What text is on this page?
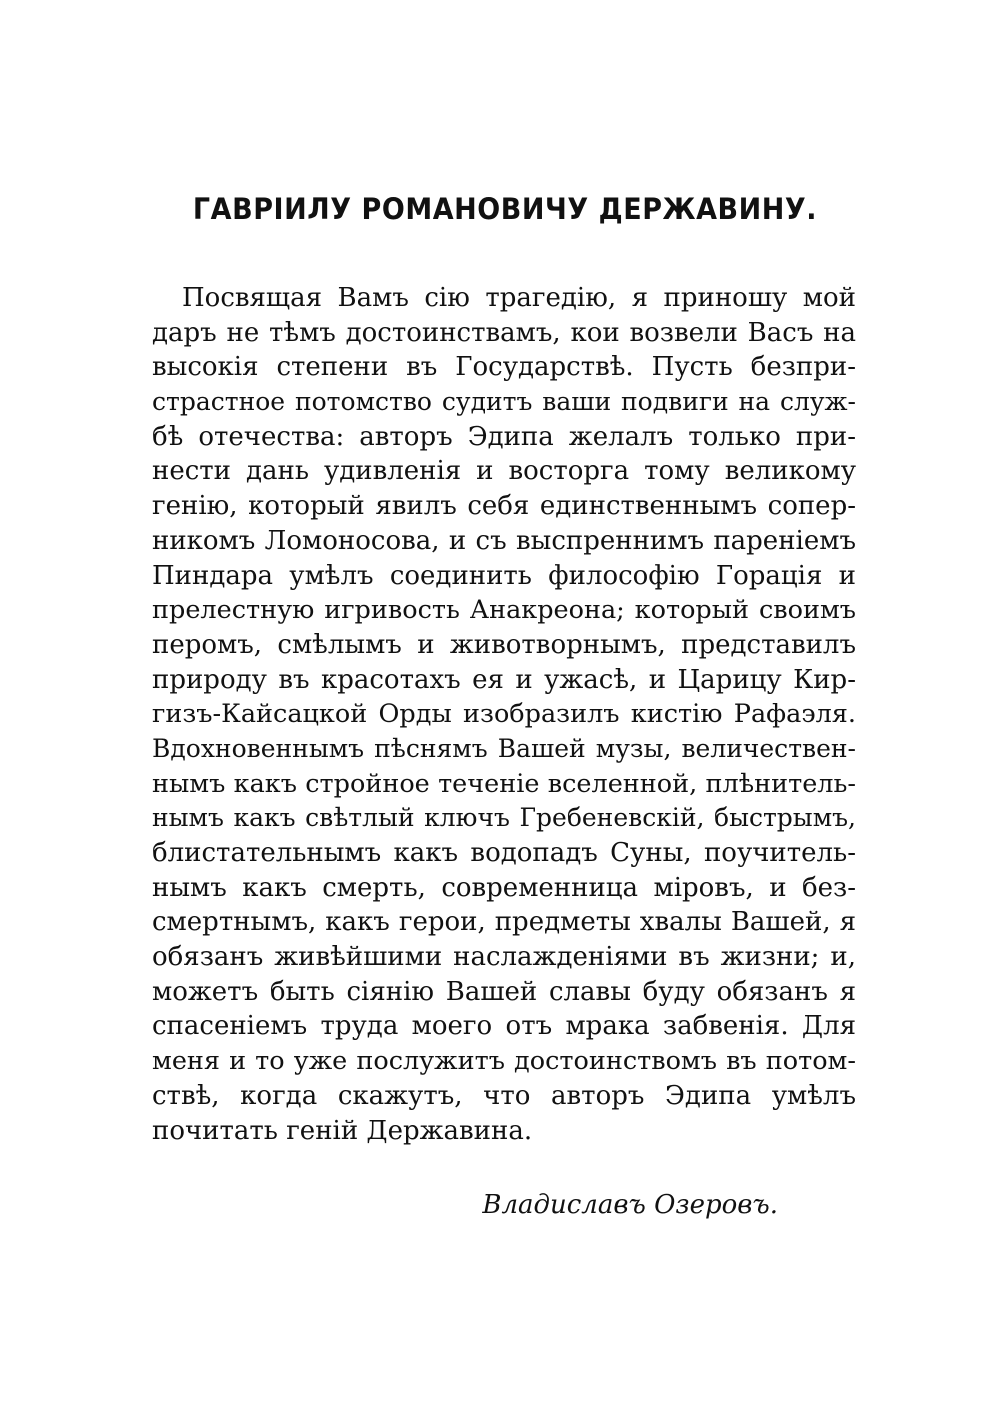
ГАВРІИЛУ РОМАНОВИЧУ ДЕРЖАВИНУ.
Посвящая Вамъ сію трагедію, я приношу мой
даръ не тѣмъ достоинствамъ, кои возвели Васъ на
высокія степени въ Государствѣ. Пусть безпри-
страстное потомство судитъ ваши подвиги на служ-
бѣ отечества: авторъ Эдипа желалъ только при-
нести дань удивленія и восторга тому великому
генію, который явилъ себя единственнымъ сопер-
никомъ Ломоносова, и съ выспреннимъ пареніемъ
Пиндара умѣлъ соединить философію Горація и
прелестную игривость Анакреона; который своимъ
перомъ, смѣлымъ и животворнымъ, представилъ
природу въ красотахъ ея и ужасѣ, и Царицу Кир-
гизъ-Кайсацкой Орды изобразилъ кистію Рафаэля.
Вдохновеннымъ пѣснямъ Вашей музы, величествен-
нымъ какъ стройное теченіе вселенной, плѣнитель-
нымъ какъ свѣтлый ключъ Гребеневскій, быстрымъ,
блистательнымъ какъ водопадъ Суны, поучитель-
нымъ какъ смерть, современница міровъ, и без-
смертнымъ, какъ герои, предметы хвалы Вашей, я
обязанъ живѣйшими наслажденіями въ жизни; и,
можетъ быть сіянію Вашей славы буду обязанъ я
спасеніемъ труда моего отъ мрака забвенія. Для
меня и то уже послужитъ достоинствомъ въ потом-
ствѣ, когда скажутъ, что авторъ Эдипа умѣлъ
почитать геній Державина.
Владиславъ Озеровъ.
